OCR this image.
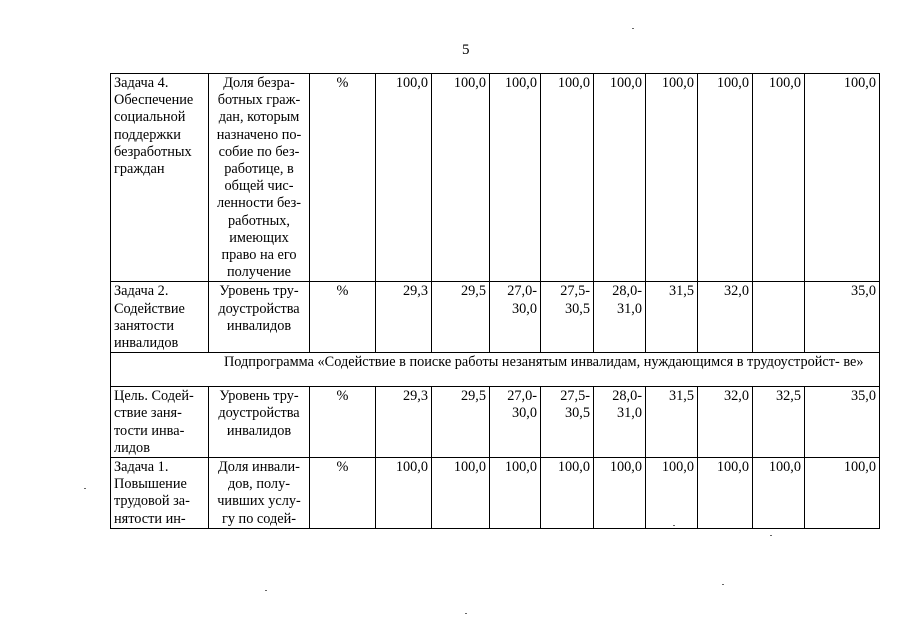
5
Задача 4. Обеспечение социальной поддержки безработных граждан	Доля безра- ботных граж- дан, которым назначено по- собие по без- работице, в общей чис- ленности без- работных, имеющих право на его получение	%	100,0	100,0	100,0	100,0	100,0	100,0	100,0	100,0	100,0
Задача 2. Содействие занятости инвалидов	Уровень тру- доустройства инвалидов	%	29,3	29,5	27,0- 30,0	27,5- 30,5	28,0- 31,0	31,5	32,0		35,0
	Подпрограмма «Содействие в поиске работы незанятым инвалидам, нуждающимся в трудоустройст- ве»										
Цель. Содей- ствие заня- тости инва- лидов	Уровень тру- доустройства инвалидов	%	29,3	29,5	27,0- 30,0	27,5- 30,5	28,0- 31,0	31,5	32,0	32,5	35,0
Задача 1. Повышение трудовой за- нятости ин-	Доля инвали- дов, полу- чивших услу- гу по содей-	%	100,0	100,0	100,0	100,0	100,0	100,0	100,0	100,0	100,0
